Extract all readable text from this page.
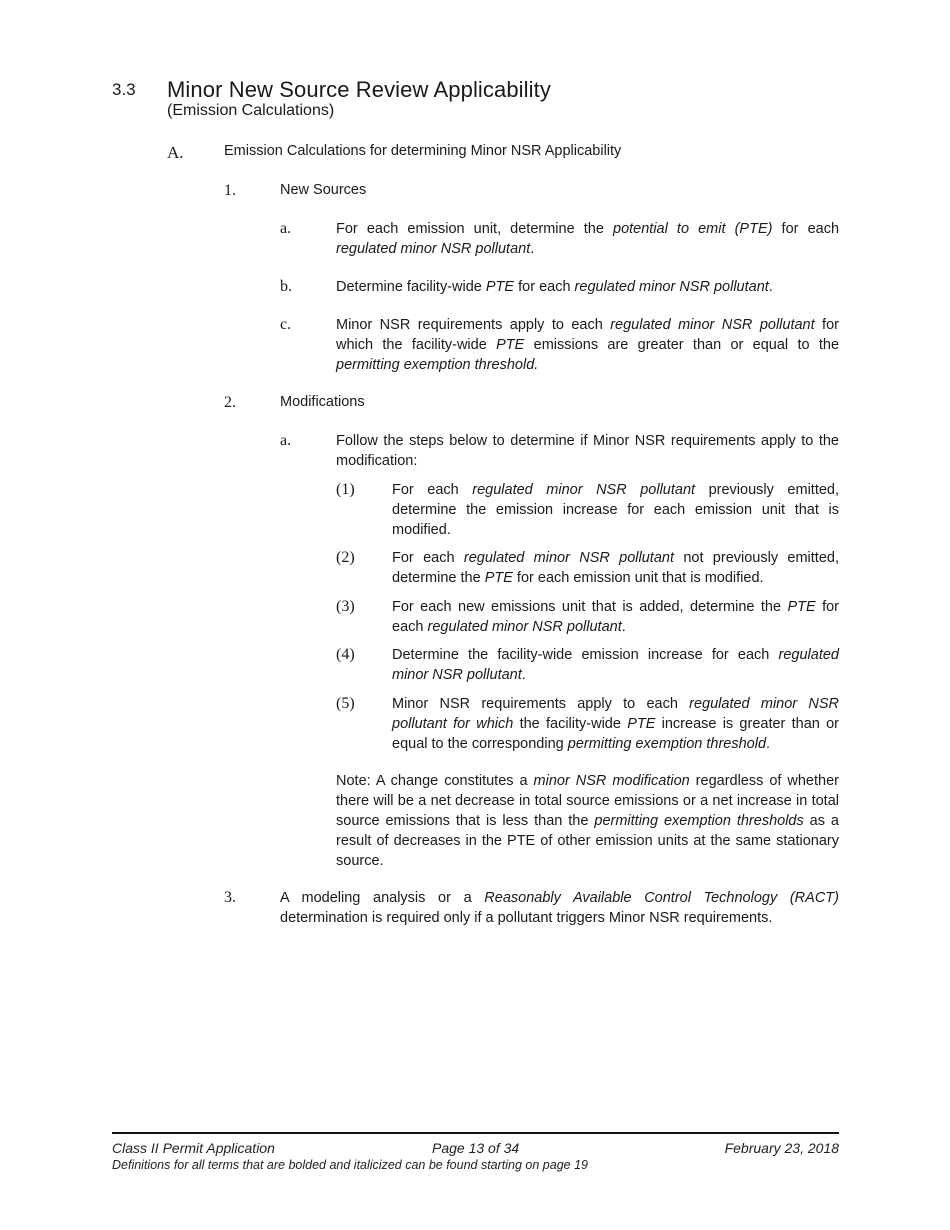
3.3 Minor New Source Review Applicability
(Emission Calculations)
A.	Emission Calculations for determining Minor NSR Applicability
1.	New Sources
a.	For each emission unit, determine the potential to emit (PTE) for each regulated minor NSR pollutant.
b.	Determine facility-wide PTE for each regulated minor NSR pollutant.
c.	Minor NSR requirements apply to each regulated minor NSR pollutant for which the facility-wide PTE emissions are greater than or equal to the permitting exemption threshold.
2.	Modifications
a.	Follow the steps below to determine if Minor NSR requirements apply to the modification:
(1)	For each regulated minor NSR pollutant previously emitted, determine the emission increase for each emission unit that is modified.
(2)	For each regulated minor NSR pollutant not previously emitted, determine the PTE for each emission unit that is modified.
(3)	For each new emissions unit that is added, determine the PTE for each regulated minor NSR pollutant.
(4)	Determine the facility-wide emission increase for each regulated minor NSR pollutant.
(5)	Minor NSR requirements apply to each regulated minor NSR pollutant for which the facility-wide PTE increase is greater than or equal to the corresponding permitting exemption threshold.
Note: A change constitutes a minor NSR modification regardless of whether there will be a net decrease in total source emissions or a net increase in total source emissions that is less than the permitting exemption thresholds as a result of decreases in the PTE of other emission units at the same stationary source.
3.	A modeling analysis or a Reasonably Available Control Technology (RACT) determination is required only if a pollutant triggers Minor NSR requirements.
Class II Permit Application	Page 13 of 34	February 23, 2018
Definitions for all terms that are bolded and italicized can be found starting on page 19
